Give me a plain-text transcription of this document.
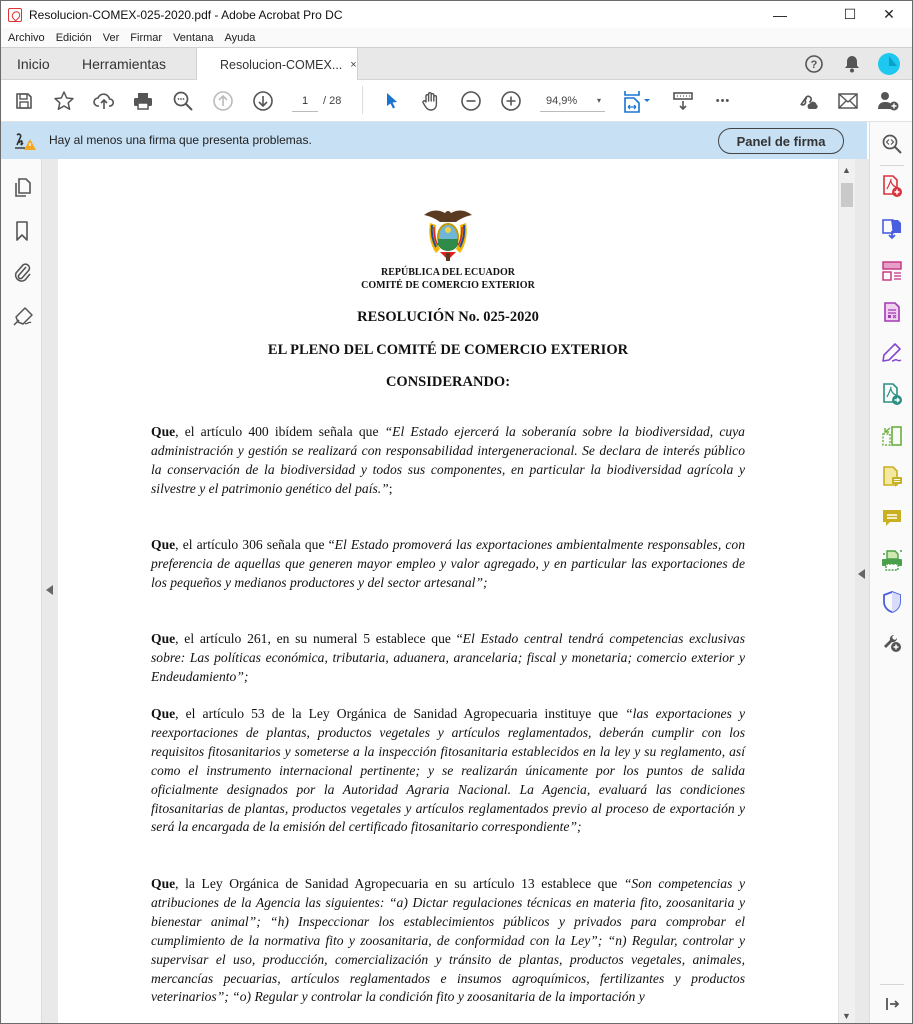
Resolucion-COMEX-025-2020.pdf - Adobe Acrobat Pro DC	—	☐ ✕
Archivo Edición Ver Firmar Ventana Ayuda
Inicio Herramientas	Resolucion-COMEX... ×	?
1	/ 28	94,9% ▾	•••
Hay al menos una firma que presenta problemas.	Panel de firma
REPÚBLICA DEL ECUADOR
COMITÉ DE COMERCIO EXTERIOR
RESOLUCIÓN No. 025-2020
EL PLENO DEL COMITÉ DE COMERCIO EXTERIOR
CONSIDERANDO:

Que, el artículo 400 ibídem señala que “El Estado ejercerá la soberanía sobre la biodiversidad, cuya administración y gestión se realizará con responsabilidad intergeneracional. Se declara de interés público la conservación de la biodiversidad y todos sus componentes, en particular la biodiversidad agrícola y silvestre y el patrimonio genético del país.”;

Que, el artículo 306 señala que “El Estado promoverá las exportaciones ambientalmente responsables, con preferencia de aquellas que generen mayor empleo y valor agregado, y en particular las exportaciones de los pequeños y medianos productores y del sector artesanal”;

Que, el artículo 261, en su numeral 5 establece que “El Estado central tendrá competencias exclusivas sobre: Las políticas económica, tributaria, aduanera, arancelaria; fiscal y monetaria; comercio exterior y Endeudamiento”;

Que, el artículo 53 de la Ley Orgánica de Sanidad Agropecuaria instituye que “las exportaciones y reexportaciones de plantas, productos vegetales y artículos reglamentados, deberán cumplir con los requisitos fitosanitarios y someterse a la inspección fitosanitaria establecidos en la ley y su reglamento, así como el instrumento internacional pertinente; y se realizarán únicamente por los puntos de salida oficialmente designados por la Autoridad Agraria Nacional. La Agencia, evaluará las condiciones fitosanitarias de plantas, productos vegetales y artículos reglamentados previo al proceso de exportación y será la encargada de la emisión del certificado fitosanitario correspondiente”;

Que, la Ley Orgánica de Sanidad Agropecuaria en su artículo 13 establece que “Son competencias y atribuciones de la Agencia las siguientes: “a) Dictar regulaciones técnicas en materia fito, zoosanitaria y bienestar animal”; “h) Inspeccionar los establecimientos públicos y privados para comprobar el cumplimiento de la normativa fito y zoosanitaria, de conformidad con la Ley”; “n) Regular, controlar y supervisar el uso, producción, comercialización y tránsito de plantas, productos vegetales, animales, mercancías pecuarias, artículos reglamentados e insumos agroquímicos, fertilizantes y productos veterinarios”; “o) Regular y controlar la condición fito y zoosanitaria de la importación y

▲
▼
